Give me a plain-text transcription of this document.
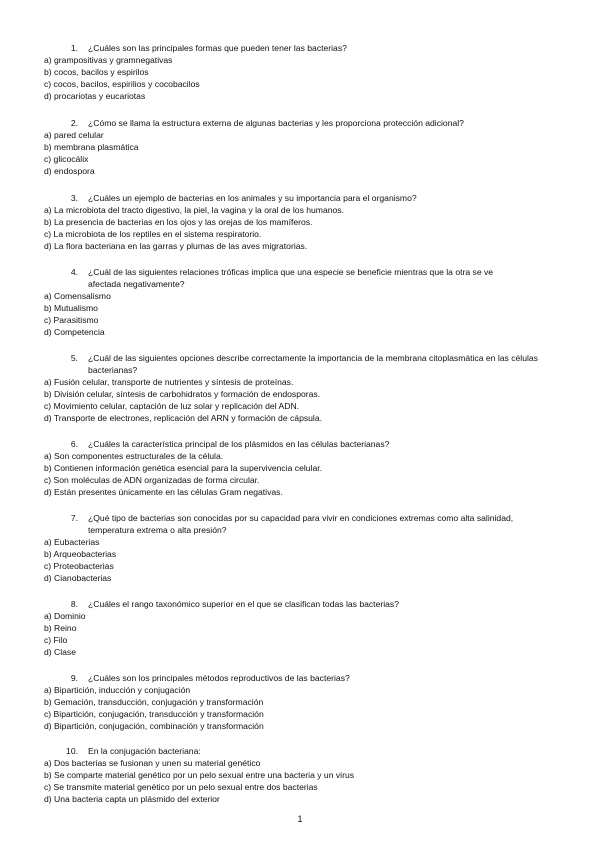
1. ¿Cuáles son las principales formas que pueden tener las bacterias?
a) grampositivas y gramnegativas
b) cocos, bacilos y espirilos
c) cocos, bacilos, espirilios y cocobacilos
d) procariotas y eucariotas
2. ¿Cómo se llama la estructura externa de algunas bacterias y les proporciona protección adicional?
a) pared celular
b) membrana plasmática
c) glicocálix
d) endospora
3. ¿Cuáles un ejemplo de bacterias en los animales y su importancia para el organismo?
a) La microbiota del tracto digestivo, la piel, la vagina y la oral de los humanos.
b) La presencia de bacterias en los ojos y las orejas de los mamíferos.
c) La microbiota de los reptiles en el sistema respiratorio.
d) La flora bacteriana en las garras y plumas de las aves migratorias.
4. ¿Cuál de las siguientes relaciones tróficas implica que una especie se beneficie mientras que la otra se ve
afectada negativamente?
a) Comensalismo
b) Mutualismo
c) Parasitismo
d) Competencia
5. ¿Cuál de las siguientes opciones describe correctamente la importancia de la membrana citoplasmática en las células
bacterianas?
a) Fusión celular, transporte de nutrientes y síntesis de proteínas.
b) División celular, síntesis de carbohidratos y formación de endosporas.
c) Movimiento celular, captación de luz solar y replicación del ADN.
d) Transporte de electrones, replicación del ARN y formación de cápsula.
6. ¿Cuáles la característica principal de los plásmidos en las células bacterianas?
a) Son componentes estructurales de la célula.
b) Contienen información genética esencial para la supervivencia celular.
c) Son moléculas de ADN organizadas de forma circular.
d) Están presentes únicamente en las células Gram negativas.
7. ¿Qué tipo de bacterias son conocidas por su capacidad para vivir en condiciones extremas como alta salinidad,
temperatura extrema o alta presión?
a) Eubacterias
b) Arqueobacterias
c) Proteobacterias
d) Cianobacterias
8. ¿Cuáles el rango taxonómico superior en el que se clasifican todas las bacterias?
a) Dominio
b) Reino
c) Filo
d) Clase
9. ¿Cuáles son los principales métodos reproductivos de las bacterias?
a) Bipartición, inducción y conjugación
b) Gemación, transducción, conjugación y transformación
c) Bipartición, conjugación, transducción y transformación
d) Bipartición, conjugación, combinación y transformación
10. En la conjugación bacteriana:
a) Dos bacterias se fusionan y unen su material genético
b) Se comparte material genético por un pelo sexual entre una bacteria y un virus
c) Se transmite material genético por un pelo sexual entre dos bacterias
d) Una bacteria capta un plásmido del exterior
1
